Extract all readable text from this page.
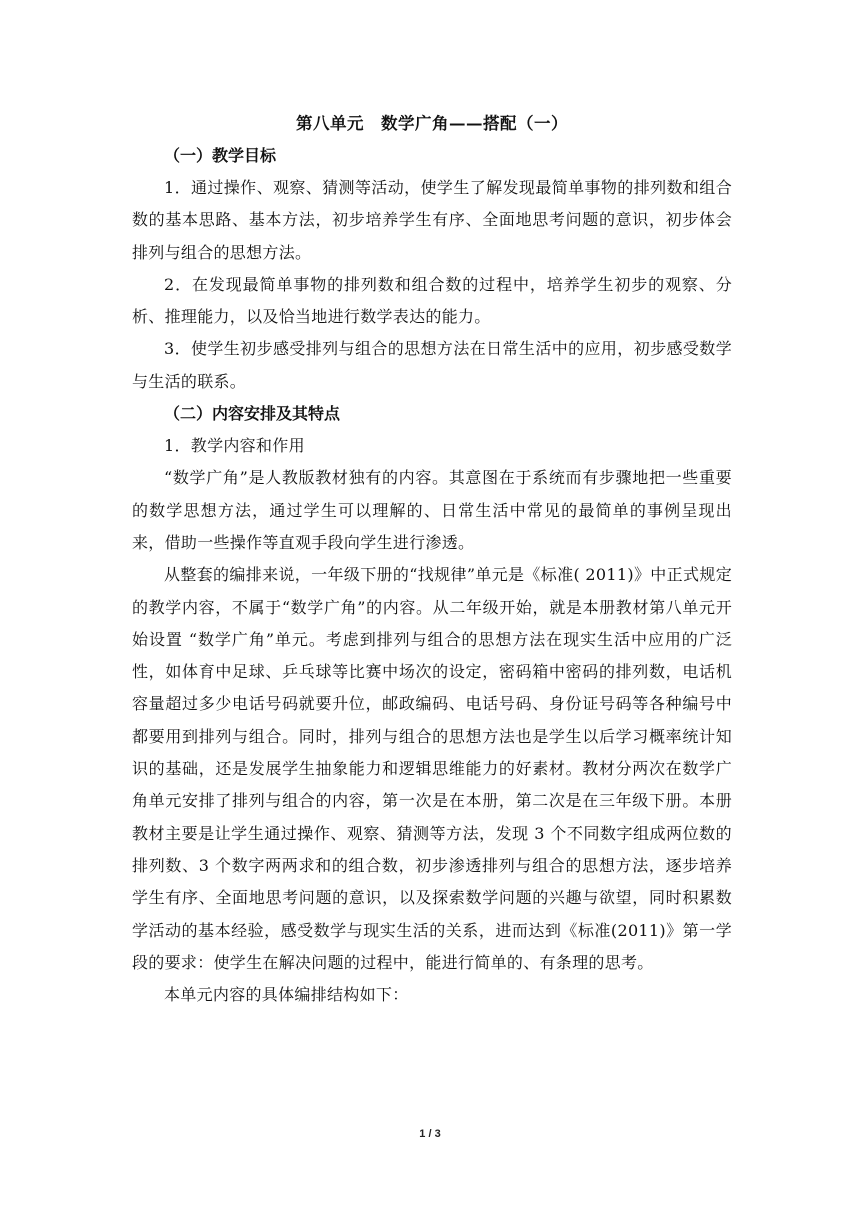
第八单元　数学广角——搭配（一）

（一）教学目标

1．通过操作、观察、猜测等活动，使学生了解发现最简单事物的排列数和组合数的基本思路、基本方法，初步培养学生有序、全面地思考问题的意识，初步体会排列与组合的思想方法。

2．在发现最简单事物的排列数和组合数的过程中，培养学生初步的观察、分析、推理能力，以及恰当地进行数学表达的能力。

3．使学生初步感受排列与组合的思想方法在日常生活中的应用，初步感受数学与生活的联系。

（二）内容安排及其特点

1．教学内容和作用

“数学广角”是人教版教材独有的内容。其意图在于系统而有步骤地把一些重要的数学思想方法，通过学生可以理解的、日常生活中常见的最简单的事例呈现出来，借助一些操作等直观手段向学生进行渗透。

从整套的编排来说，一年级下册的“找规律”单元是《标准( 2011)》中正式规定的教学内容，不属于“数学广角”的内容。从二年级开始，就是本册教材第八单元开始设置 “数学广角”单元。考虑到排列与组合的思想方法在现实生活中应用的广泛性，如体育中足球、乒乓球等比赛中场次的设定，密码箱中密码的排列数，电话机容量超过多少电话号码就要升位，邮政编码、电话号码、身份证号码等各种编号中都要用到排列与组合。同时，排列与组合的思想方法也是学生以后学习概率统计知识的基础，还是发展学生抽象能力和逻辑思维能力的好素材。教材分两次在数学广角单元安排了排列与组合的内容，第一次是在本册，第二次是在三年级下册。本册教材主要是让学生通过操作、观察、猜测等方法，发现 3 个不同数字组成两位数的排列数、3 个数字两两求和的组合数，初步渗透排列与组合的思想方法，逐步培养学生有序、全面地思考问题的意识，以及探索数学问题的兴趣与欲望，同时积累数学活动的基本经验，感受数学与现实生活的关系，进而达到《标准(2011)》第一学段的要求：使学生在解决问题的过程中，能进行简单的、有条理的思考。

本单元内容的具体编排结构如下：

1 / 3
